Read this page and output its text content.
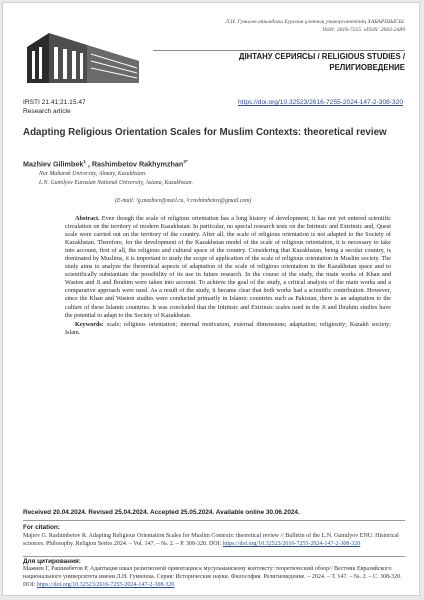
Л.Н. Гумилев атындағы Еуразия ұлттық университетінің ХАБАРШЫСЫ.
ISSN: 2616-7255. eISSN: 2663-2489
ДІНТАНУ СЕРИЯСЫ / RELIGIOUS STUDIES /
РЕЛИГИОВЕДЕНИЕ
IRSTI 21.41;21.15.47
Research article
https://doi.org/10.32523/2616-7255-2024-147-2-308-320
Adapting Religious Orientation Scales for Muslim Contexts: theoretical review
Mazhiev Gilimbek$^1$ , Rashimbetov Rakhymzhan$^{2*}$
Nur Mubarak University, Almaty, Kazakhstan.
L.N. Gumilyov Eurasian National University, Astana, Kazakhstan.
(E-mail: ¹g.mazhiev@mail.ru, ²r.rashimbetov@gmail.com)
Abstract. Even though the scale of religious orientation has a long history of development, it has not yet entered scientific circulation on the territory of modern Kazakhstan. In particular, no special research tests on the Intrinsic and Extrinsic and, Quest scale were carried out on the territory of the country. After all, the scale of religious orientation is not adapted to the Society of Kazakhstan. Therefore, for the development of the Kazakhstan model of the scale of religious orientation, it is necessary to take into account, first of all, the religious and cultural space of the country. Considering that Kazakhstan, being a secular country, is dominated by Muslims, it is important to study the scope of application of the scale of religious orientation in Muslim society. The study aims to analyze the theoretical aspects of adaptation of the scale of religious orientation in the Kazakhstan space and to scientifically substantiate the possibility of its use in future research. In the course of the study, the main works of Khan and Waston and Ji and Ibrahim were taken into account. To achieve the goal of the study, a critical analysis of the main works and a comparative approach were used. As a result of the study, it became clear that both works had a scientific contribution. However, since the Khan and Waston studies were conducted primarily in Islamic countries such as Pakistan, there is an adaptation to the culture of these Islamic countries. It was concluded that the Intrinsic and Extrinsic scales used in the Ji and Ibrahim studies have the potential to adapt to the Society of Kazakhstan.
Keywords: scale; religious orientation; internal motivation, external dimensions; adaptation; religiosity; Kazakh society; Islam.
Received 20.04.2024. Revised 25.04.2024. Accepted 25.05.2024. Available online 30.06.2024.
For citation:
Majiev G. Rashimbetov R. Adapting Religious Orientation Scales for Muslim Contexts: theoretical review // Bulletin of the L.N. Gumilyov ENU. Historical sciences. Philosophy. Religion Series 2024. – Vol. 147. – №. 2. – P. 308-320. DOI: https://doi.org/10.32523/2616-7255-2024-147-2-308-320
Для цитирования:
Мажиев Г, Рашимбетов Р. Адаптация шкал религиозной ориентации к мусульманскому контексту: теоретический обзор// Вестник Евразийского национального университета имени Л.Н. Гумилева. Серия: Исторические науки. Философия. Религиоведение. – 2024. – Т. 147. – №. 2. – С. 308-320. DOI: https://doi.org/10.32523/2616-7255-2024-147-2-308-320
